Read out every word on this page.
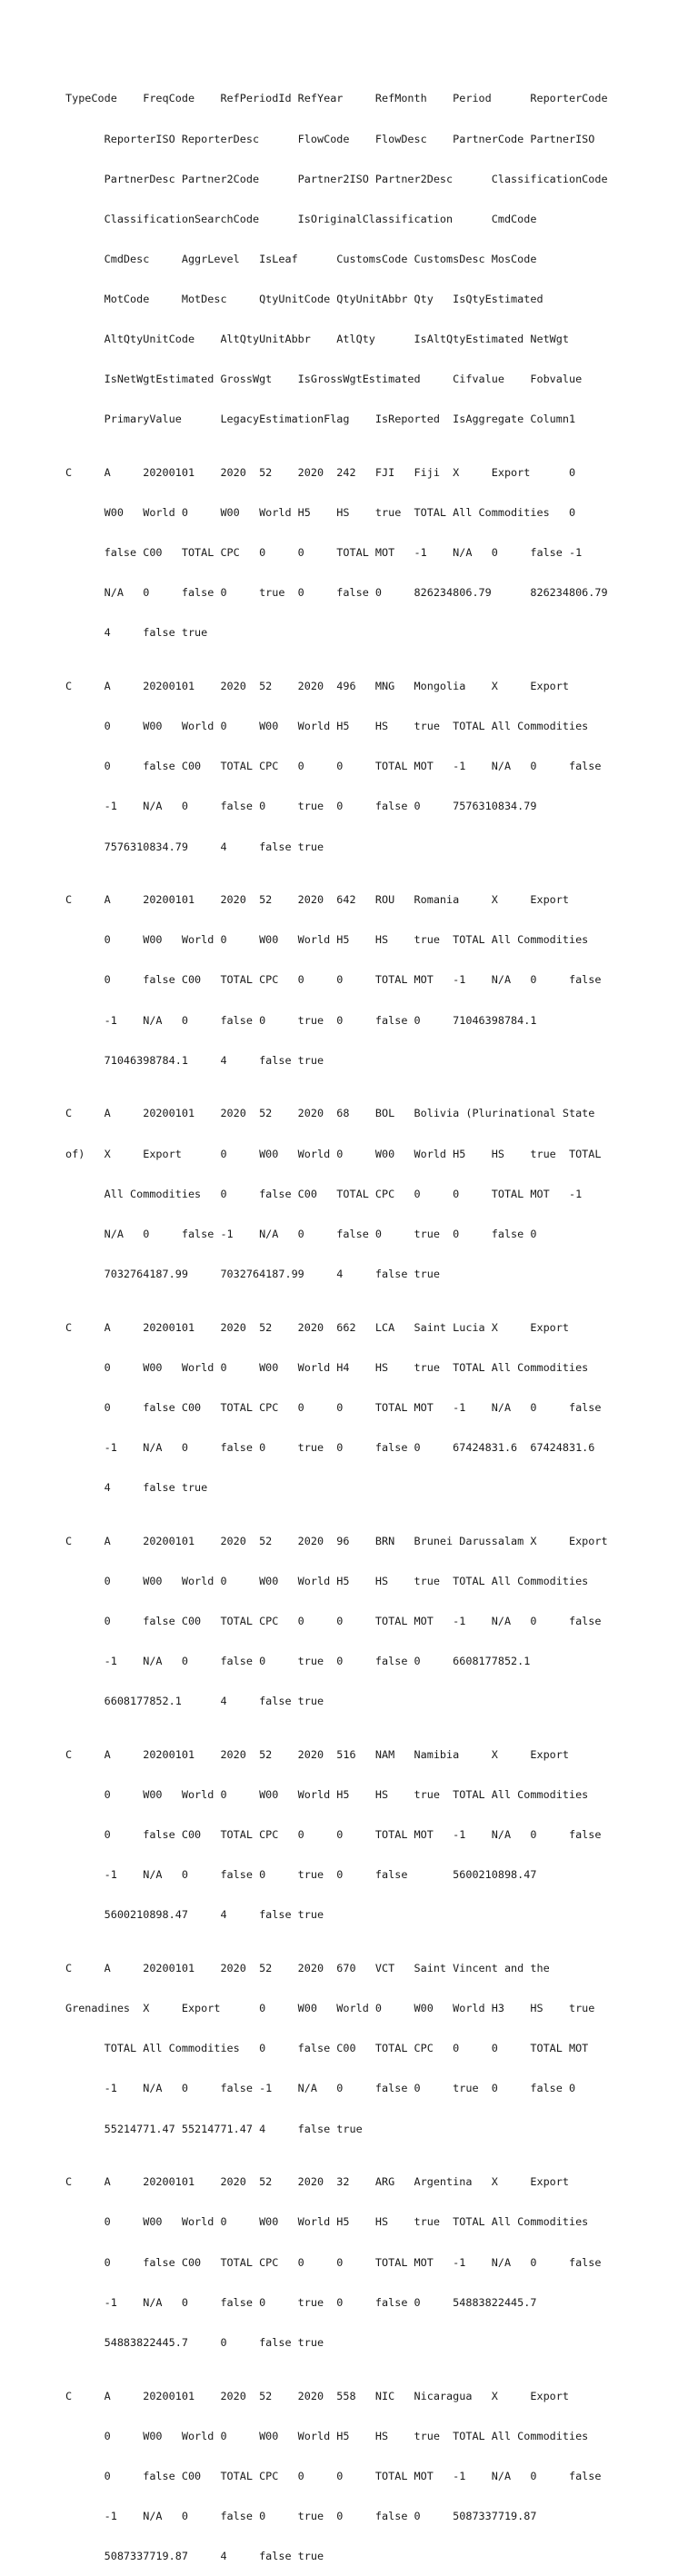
TypeCode    FreqCode    RefPeriodId RefYear     RefMonth    Period      ReporterCode

ReporterISO ReporterDesc      FlowCode    FlowDesc    PartnerCode PartnerISO

PartnerDesc Partner2Code      Partner2ISO Partner2Desc      ClassificationCode

ClassificationSearchCode      IsOriginalClassification      CmdCode

CmdDesc     AggrLevel   IsLeaf      CustomsCode CustomsDesc MosCode

MotCode     MotDesc     QtyUnitCode QtyUnitAbbr Qty   IsQtyEstimated

AltQtyUnitCode    AltQtyUnitAbbr    AtlQty      IsAltQtyEstimated NetWgt

IsNetWgtEstimated GrossWgt    IsGrossWgtEstimated     Cifvalue    Fobvalue

PrimaryValue      LegacyEstimationFlag    IsReported  IsAggregate Column1

C     A     20200101    2020  52    2020  242   FJI   Fiji  X     Export      0

W00   World 0     W00   World H5    HS    true  TOTAL All Commodities   0

false C00   TOTAL CPC   0     0     TOTAL MOT   -1    N/A   0     false -1

N/A   0     false 0     true  0     false 0     826234806.79      826234806.79

4     false true

C     A     20200101    2020  52    2020  496   MNG   Mongolia    X     Export

0     W00   World 0     W00   World H5    HS    true  TOTAL All Commodities

0     false C00   TOTAL CPC   0     0     TOTAL MOT   -1    N/A   0     false

-1    N/A   0     false 0     true  0     false 0     7576310834.79

7576310834.79     4     false true

C     A     20200101    2020  52    2020  642   ROU   Romania     X     Export

0     W00   World 0     W00   World H5    HS    true  TOTAL All Commodities

0     false C00   TOTAL CPC   0     0     TOTAL MOT   -1    N/A   0     false

-1    N/A   0     false 0     true  0     false 0     71046398784.1

71046398784.1     4     false true

C     A     20200101    2020  52    2020  68    BOL   Bolivia (Plurinational State

of)   X     Export      0     W00   World 0     W00   World H5    HS    true  TOTAL

All Commodities   0     false C00   TOTAL CPC   0     0     TOTAL MOT   -1

N/A   0     false -1    N/A   0     false 0     true  0     false 0

7032764187.99     7032764187.99     4     false true

C     A     20200101    2020  52    2020  662   LCA   Saint Lucia X     Export

0     W00   World 0     W00   World H4    HS    true  TOTAL All Commodities

0     false C00   TOTAL CPC   0     0     TOTAL MOT   -1    N/A   0     false

-1    N/A   0     false 0     true  0     false 0     67424831.6  67424831.6

4     false true

C     A     20200101    2020  52    2020  96    BRN   Brunei Darussalam X     Export

0     W00   World 0     W00   World H5    HS    true  TOTAL All Commodities

0     false C00   TOTAL CPC   0     0     TOTAL MOT   -1    N/A   0     false

-1    N/A   0     false 0     true  0     false 0     6608177852.1

6608177852.1      4     false true

C     A     20200101    2020  52    2020  516   NAM   Namibia     X     Export

0     W00   World 0     W00   World H5    HS    true  TOTAL All Commodities

0     false C00   TOTAL CPC   0     0     TOTAL MOT   -1    N/A   0     false

-1    N/A   0     false 0     true  0     false       5600210898.47

5600210898.47     4     false true

C     A     20200101    2020  52    2020  670   VCT   Saint Vincent and the

Grenadines  X     Export      0     W00   World 0     W00   World H3    HS    true

TOTAL All Commodities   0     false C00   TOTAL CPC   0     0     TOTAL MOT

-1    N/A   0     false -1    N/A   0     false 0     true  0     false 0

55214771.47 55214771.47 4     false true

C     A     20200101    2020  52    2020  32    ARG   Argentina   X     Export

0     W00   World 0     W00   World H5    HS    true  TOTAL All Commodities

0     false C00   TOTAL CPC   0     0     TOTAL MOT   -1    N/A   0     false

-1    N/A   0     false 0     true  0     false 0     54883822445.7

54883822445.7     0     false true

C     A     20200101    2020  52    2020  558   NIC   Nicaragua   X     Export

0     W00   World 0     W00   World H5    HS    true  TOTAL All Commodities

0     false C00   TOTAL CPC   0     0     TOTAL MOT   -1    N/A   0     false

-1    N/A   0     false 0     true  0     false 0     5087337719.87

5087337719.87     4     false true
